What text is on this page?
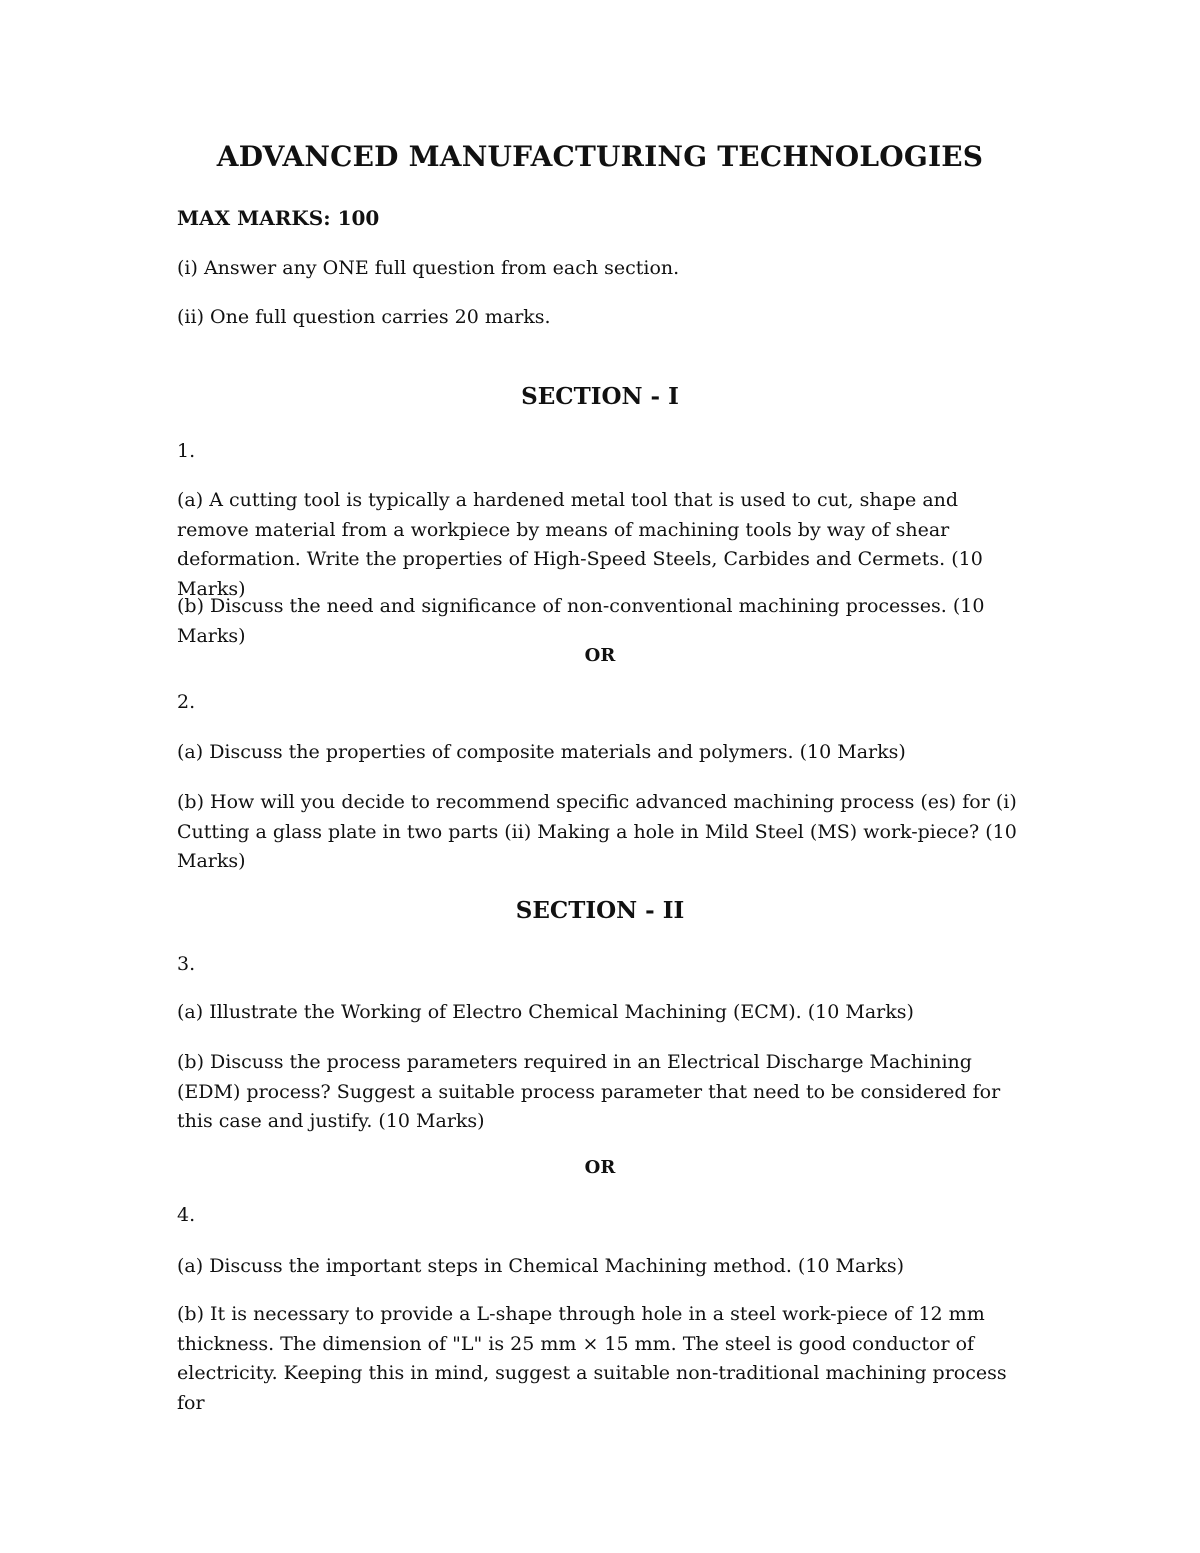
ADVANCED MANUFACTURING TECHNOLOGIES
MAX MARKS: 100
(i) Answer any ONE full question from each section.
(ii) One full question carries 20 marks.
SECTION - I
1.

(a) A cutting tool is typically a hardened metal tool that is used to cut, shape and remove material from a workpiece by means of machining tools by way of shear deformation. Write the properties of High-Speed Steels, Carbides and Cermets. (10 Marks)

(b) Discuss the need and significance of non-conventional machining processes. (10 Marks)

OR
2.

(a) Discuss the properties of composite materials and polymers. (10 Marks)

(b) How will you decide to recommend specific advanced machining process (es) for (i) Cutting a glass plate in two parts (ii) Making a hole in Mild Steel (MS) work-piece? (10 Marks)

SECTION - II
3.

(a) Illustrate the Working of Electro Chemical Machining (ECM). (10 Marks)

(b) Discuss the process parameters required in an Electrical Discharge Machining (EDM) process? Suggest a suitable process parameter that need to be considered for this case and justify. (10 Marks)

OR
4.

(a) Discuss the important steps in Chemical Machining method. (10 Marks)

(b) It is necessary to provide a L-shape through hole in a steel work-piece of 12 mm thickness. The dimension of "L" is 25 mm × 15 mm. The steel is good conductor of electricity. Keeping this in mind, suggest a suitable non-traditional machining process for
